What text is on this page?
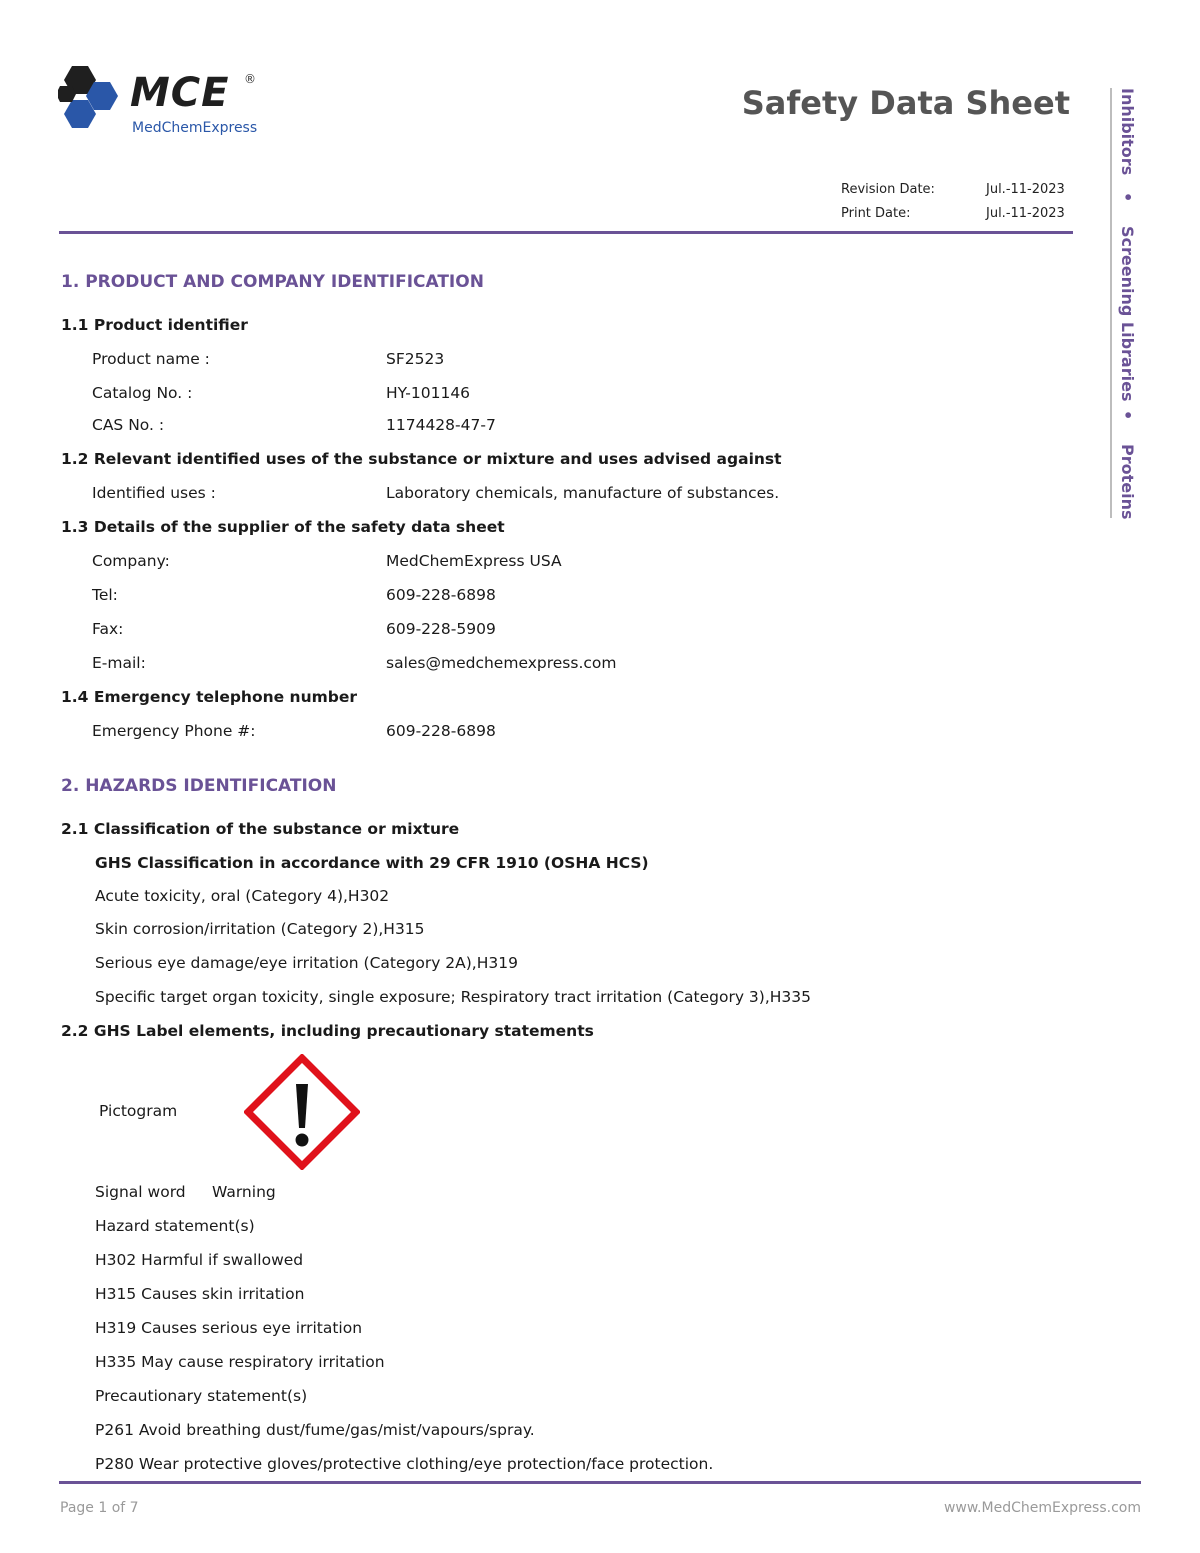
MCE ®
MedChemExpress
Safety Data Sheet
Revision Date:	Jul.-11-2023
Print Date:	Jul.-11-2023
Inhibitors
•
Screening Libraries
•
Proteins
1. PRODUCT AND COMPANY IDENTIFICATION
1.1 Product identifier
Product name :	SF2523
Catalog No. :	HY-101146
CAS No. :	1174428-47-7
1.2 Relevant identified uses of the substance or mixture and uses advised against
Identified uses :	Laboratory chemicals, manufacture of substances.
1.3 Details of the supplier of the safety data sheet
Company:	MedChemExpress USA
Tel:	609-228-6898
Fax:	609-228-5909
E-mail:	sales@medchemexpress.com
1.4 Emergency telephone number
Emergency Phone #:	609-228-6898
2. HAZARDS IDENTIFICATION
2.1 Classification of the substance or mixture
GHS Classification in accordance with 29 CFR 1910 (OSHA HCS)
Acute toxicity, oral (Category 4),H302
Skin corrosion/irritation (Category 2),H315
Serious eye damage/eye irritation (Category 2A),H319
Specific target organ toxicity, single exposure; Respiratory tract irritation (Category 3),H335
2.2 GHS Label elements, including precautionary statements
Pictogram
Signal word Warning
Hazard statement(s)
H302 Harmful if swallowed
H315 Causes skin irritation
H319 Causes serious eye irritation
H335 May cause respiratory irritation
Precautionary statement(s)
P261 Avoid breathing dust/fume/gas/mist/vapours/spray.
P280 Wear protective gloves/protective clothing/eye protection/face protection.
Page 1 of 7	www.MedChemExpress.com
